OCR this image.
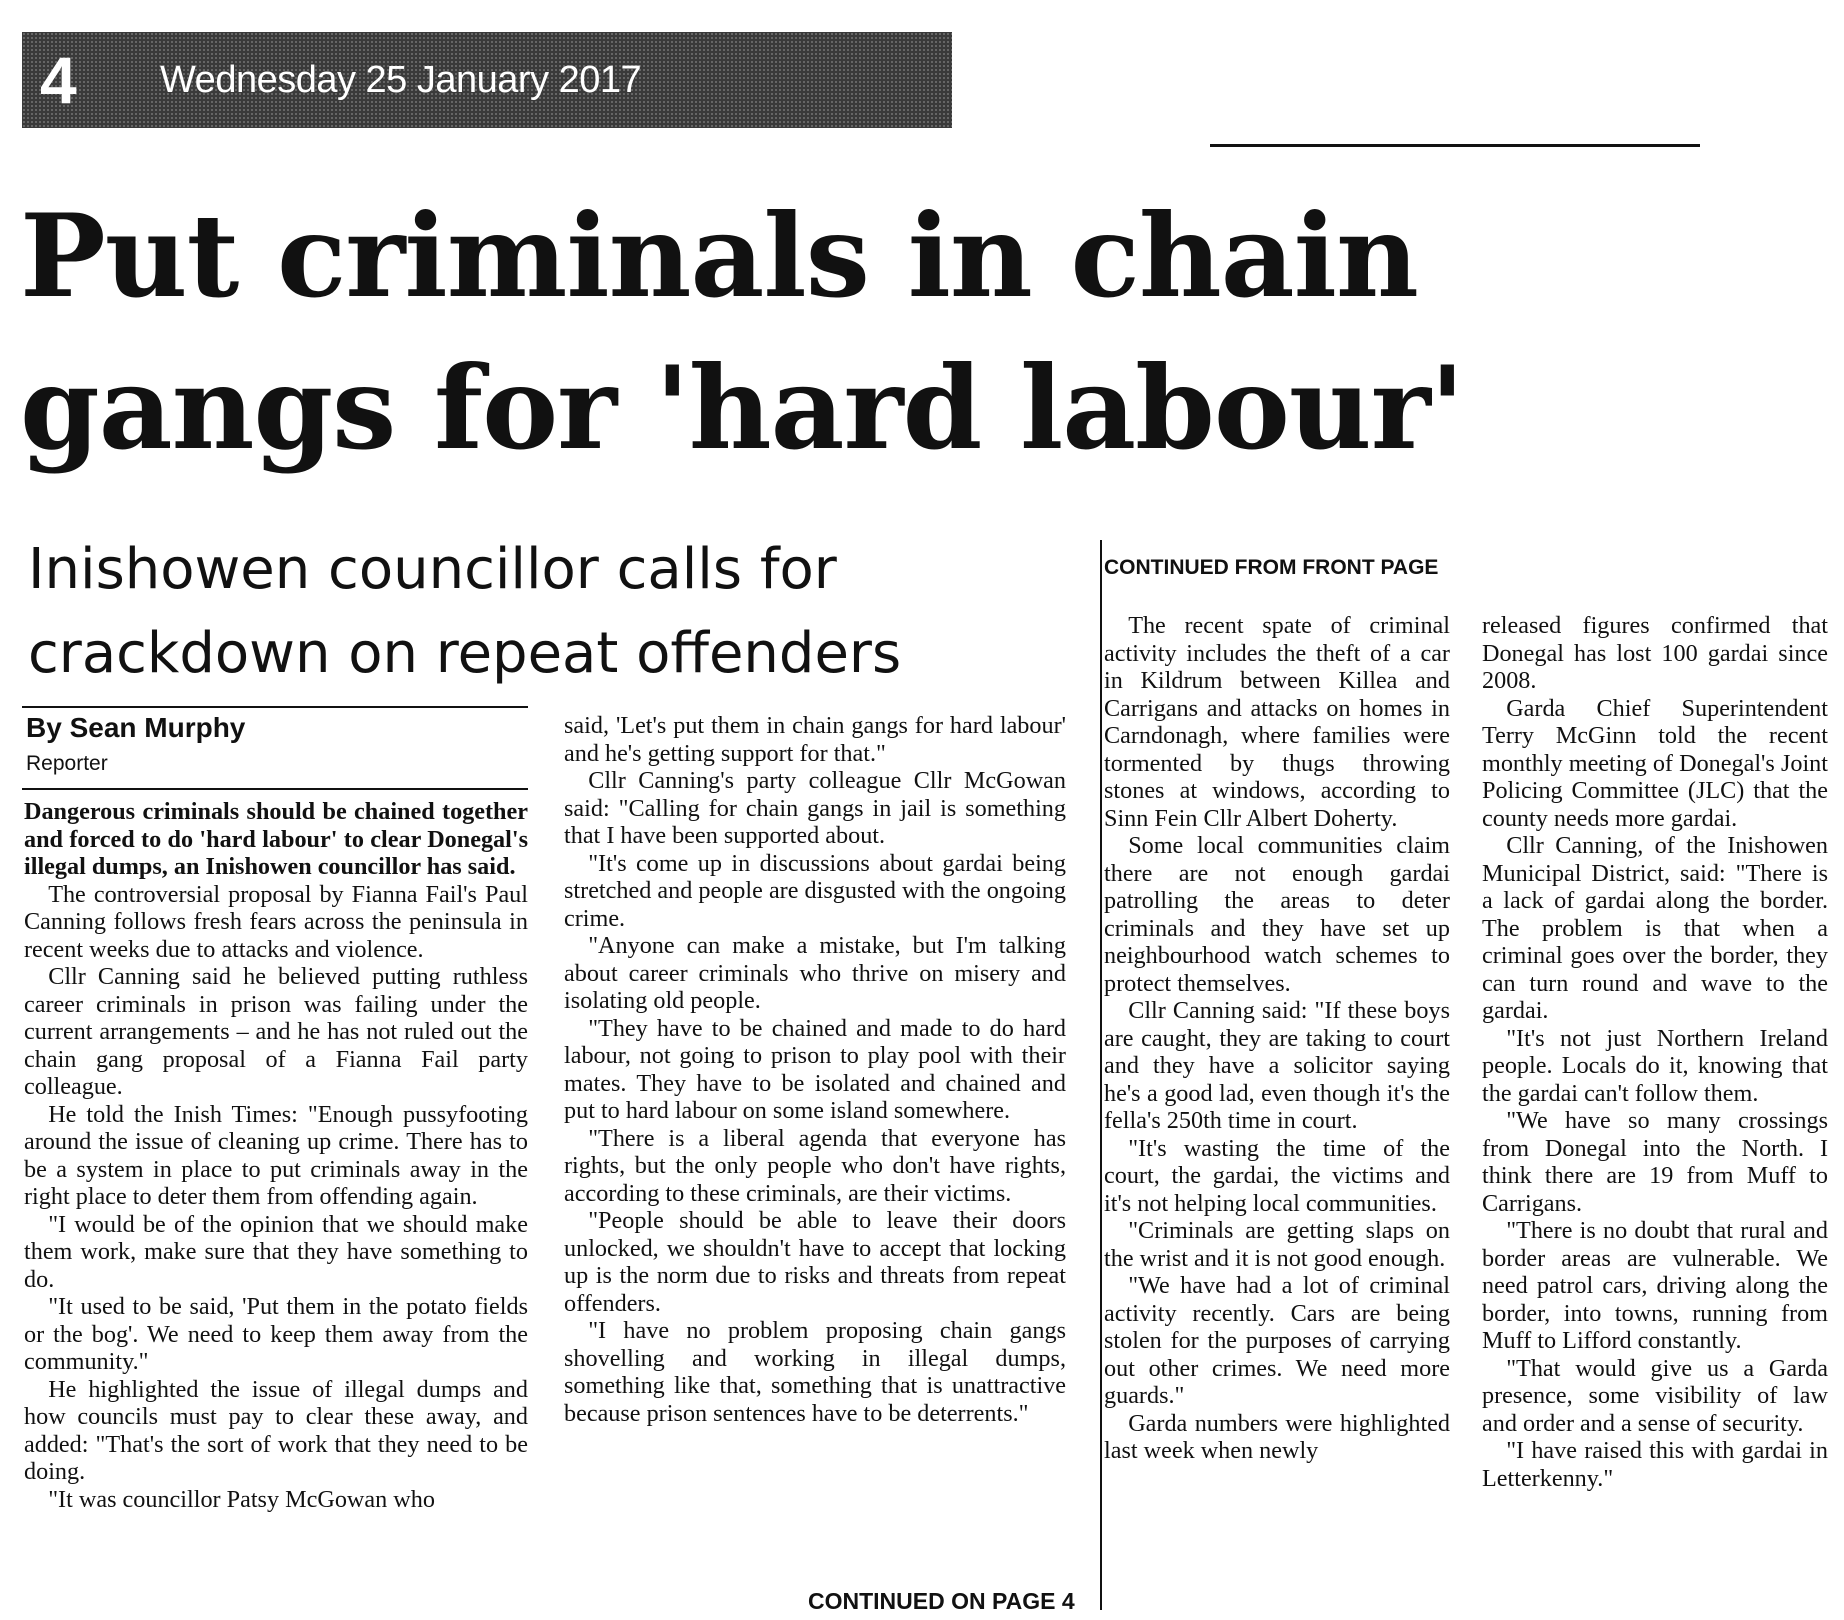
4	Wednesday 25 January 2017
Put criminals in chain
gangs for 'hard labour'
Inishowen councillor calls for
crackdown on repeat offenders
By Sean Murphy
Reporter
CONTINUED FROM FRONT PAGE

Dangerous criminals should be chained together and forced to do 'hard labour' to clear Donegal's illegal dumps, an Inishowen councillor has said.

The controversial proposal by Fianna Fail's Paul Canning follows fresh fears across the peninsula in recent weeks due to attacks and violence.

Cllr Canning said he believed putting ruthless career criminals in prison was failing under the current arrangements – and he has not ruled out the chain gang proposal of a Fianna Fail party colleague.

He told the Inish Times: "Enough pussyfooting around the issue of cleaning up crime. There has to be a system in place to put criminals away in the right place to deter them from offending again.

"I would be of the opinion that we should make them work, make sure that they have something to do.

"It used to be said, 'Put them in the potato fields or the bog'. We need to keep them away from the community."

He highlighted the issue of illegal dumps and how councils must pay to clear these away, and added: "That's the sort of work that they need to be doing.

"It was councillor Patsy McGowan who

said, 'Let's put them in chain gangs for hard labour' and he's getting support for that."

Cllr Canning's party colleague Cllr McGowan said: "Calling for chain gangs in jail is something that I have been supported about.

"It's come up in discussions about gardai being stretched and people are disgusted with the ongoing crime.

"Anyone can make a mistake, but I'm talking about career criminals who thrive on misery and isolating old people.

"They have to be chained and made to do hard labour, not going to prison to play pool with their mates. They have to be isolated and chained and put to hard labour on some island somewhere.

"There is a liberal agenda that everyone has rights, but the only people who don't have rights, according to these criminals, are their victims.

"People should be able to leave their doors unlocked, we shouldn't have to accept that locking up is the norm due to risks and threats from repeat offenders.

"I have no problem proposing chain gangs shovelling and working in illegal dumps, something like that, something that is unattractive because prison sentences have to be deterrents."

CONTINUED ON PAGE 4

The recent spate of criminal activity includes the theft of a car in Kildrum between Killea and Carrigans and attacks on homes in Carndonagh, where families were tormented by thugs throwing stones at windows, according to Sinn Fein Cllr Albert Doherty.

Some local communities claim there are not enough gardai patrolling the areas to deter criminals and they have set up neighbourhood watch schemes to protect themselves.

Cllr Canning said: "If these boys are caught, they are taking to court and they have a solicitor saying he's a good lad, even though it's the fella's 250th time in court.

"It's wasting the time of the court, the gardai, the victims and it's not helping local communities.

"Criminals are getting slaps on the wrist and it is not good enough.

"We have had a lot of criminal activity recently. Cars are being stolen for the purposes of carrying out other crimes. We need more guards."

Garda numbers were highlighted last week when newly

released figures confirmed that Donegal has lost 100 gardai since 2008.

Garda Chief Superintendent Terry McGinn told the recent monthly meeting of Donegal's Joint Policing Committee (JLC) that the county needs more gardai.

Cllr Canning, of the Inishowen Municipal District, said: "There is a lack of gardai along the border. The problem is that when a criminal goes over the border, they can turn round and wave to the gardai.

"It's not just Northern Ireland people. Locals do it, knowing that the gardai can't follow them.

"We have so many crossings from Donegal into the North. I think there are 19 from Muff to Carrigans.

"There is no doubt that rural and border areas are vulnerable. We need patrol cars, driving along the border, into towns, running from Muff to Lifford constantly.

"That would give us a Garda presence, some visibility of law and order and a sense of security.

"I have raised this with gardai in Letterkenny."
